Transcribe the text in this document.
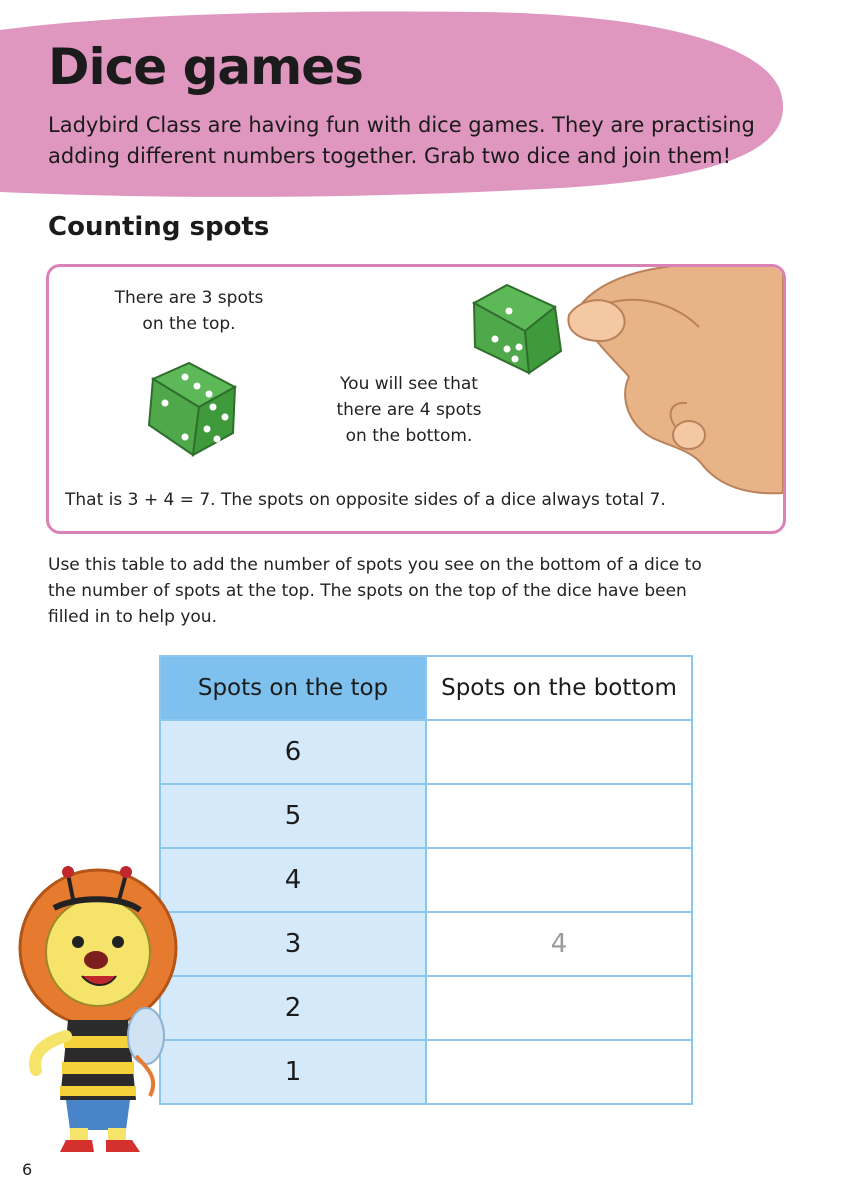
Dice games

Ladybird Class are having fun with dice games. They are practising adding different numbers together. Grab two dice and join them!

Counting spots
There are 3 spots on the top.
You will see that there are 4 spots on the bottom.
That is 3 + 4 = 7. The spots on opposite sides of a dice always total 7.

Use this table to add the number of spots you see on the bottom of a dice to the number of spots at the top. The spots on the top of the dice have been filled in to help you.

Spots on the top	Spots on the bottom
6	
5	
4	
3	4
2	
1	
6
